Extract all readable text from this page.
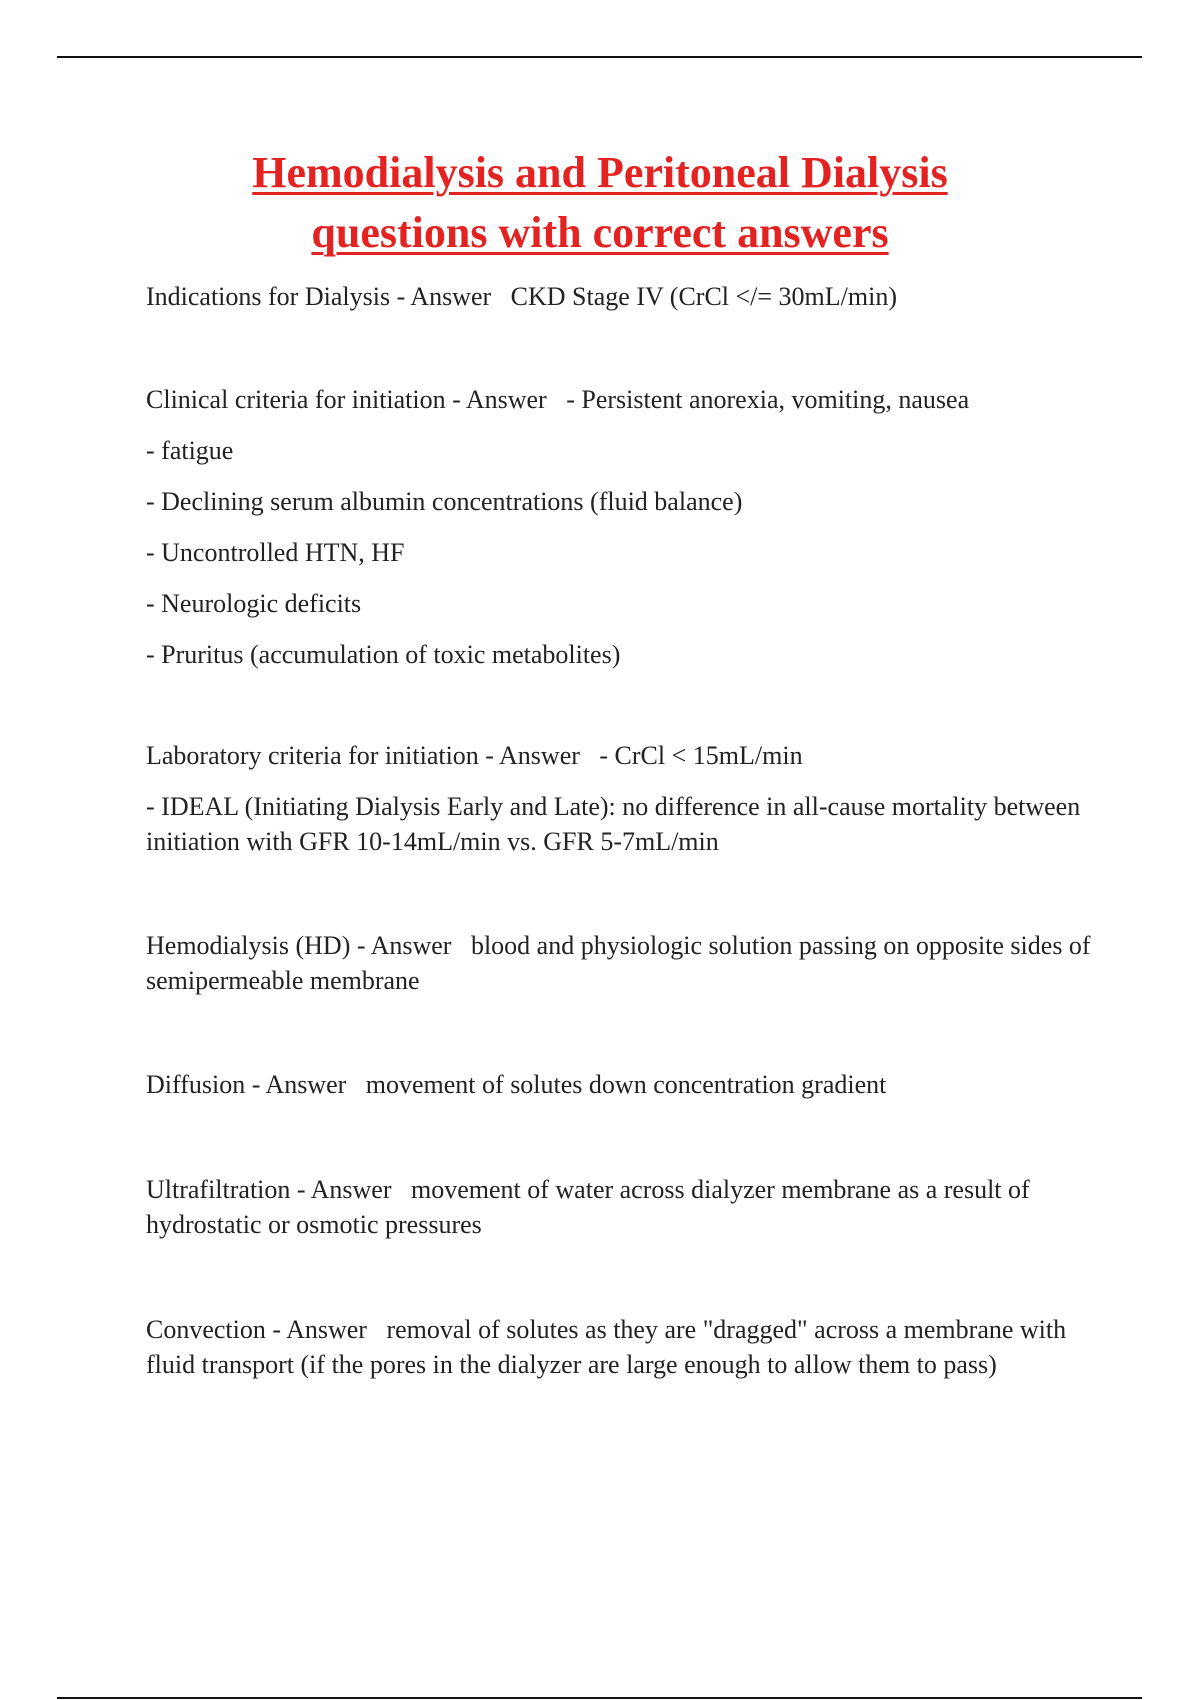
Hemodialysis and Peritoneal Dialysis
questions with correct answers

Indications for Dialysis - Answer   CKD Stage IV (CrCl </= 30mL/min)

Clinical criteria for initiation - Answer   - Persistent anorexia, vomiting, nausea

- fatigue

- Declining serum albumin concentrations (fluid balance)

- Uncontrolled HTN, HF

- Neurologic deficits

- Pruritus (accumulation of toxic metabolites)

Laboratory criteria for initiation - Answer   - CrCl < 15mL/min

- IDEAL (Initiating Dialysis Early and Late): no difference in all-cause mortality between initiation with GFR 10-14mL/min vs. GFR 5-7mL/min

Hemodialysis (HD) - Answer   blood and physiologic solution passing on opposite sides of semipermeable membrane

Diffusion - Answer   movement of solutes down concentration gradient

Ultrafiltration - Answer   movement of water across dialyzer membrane as a result of hydrostatic or osmotic pressures

Convection - Answer   removal of solutes as they are "dragged" across a membrane with fluid transport (if the pores in the dialyzer are large enough to allow them to pass)
